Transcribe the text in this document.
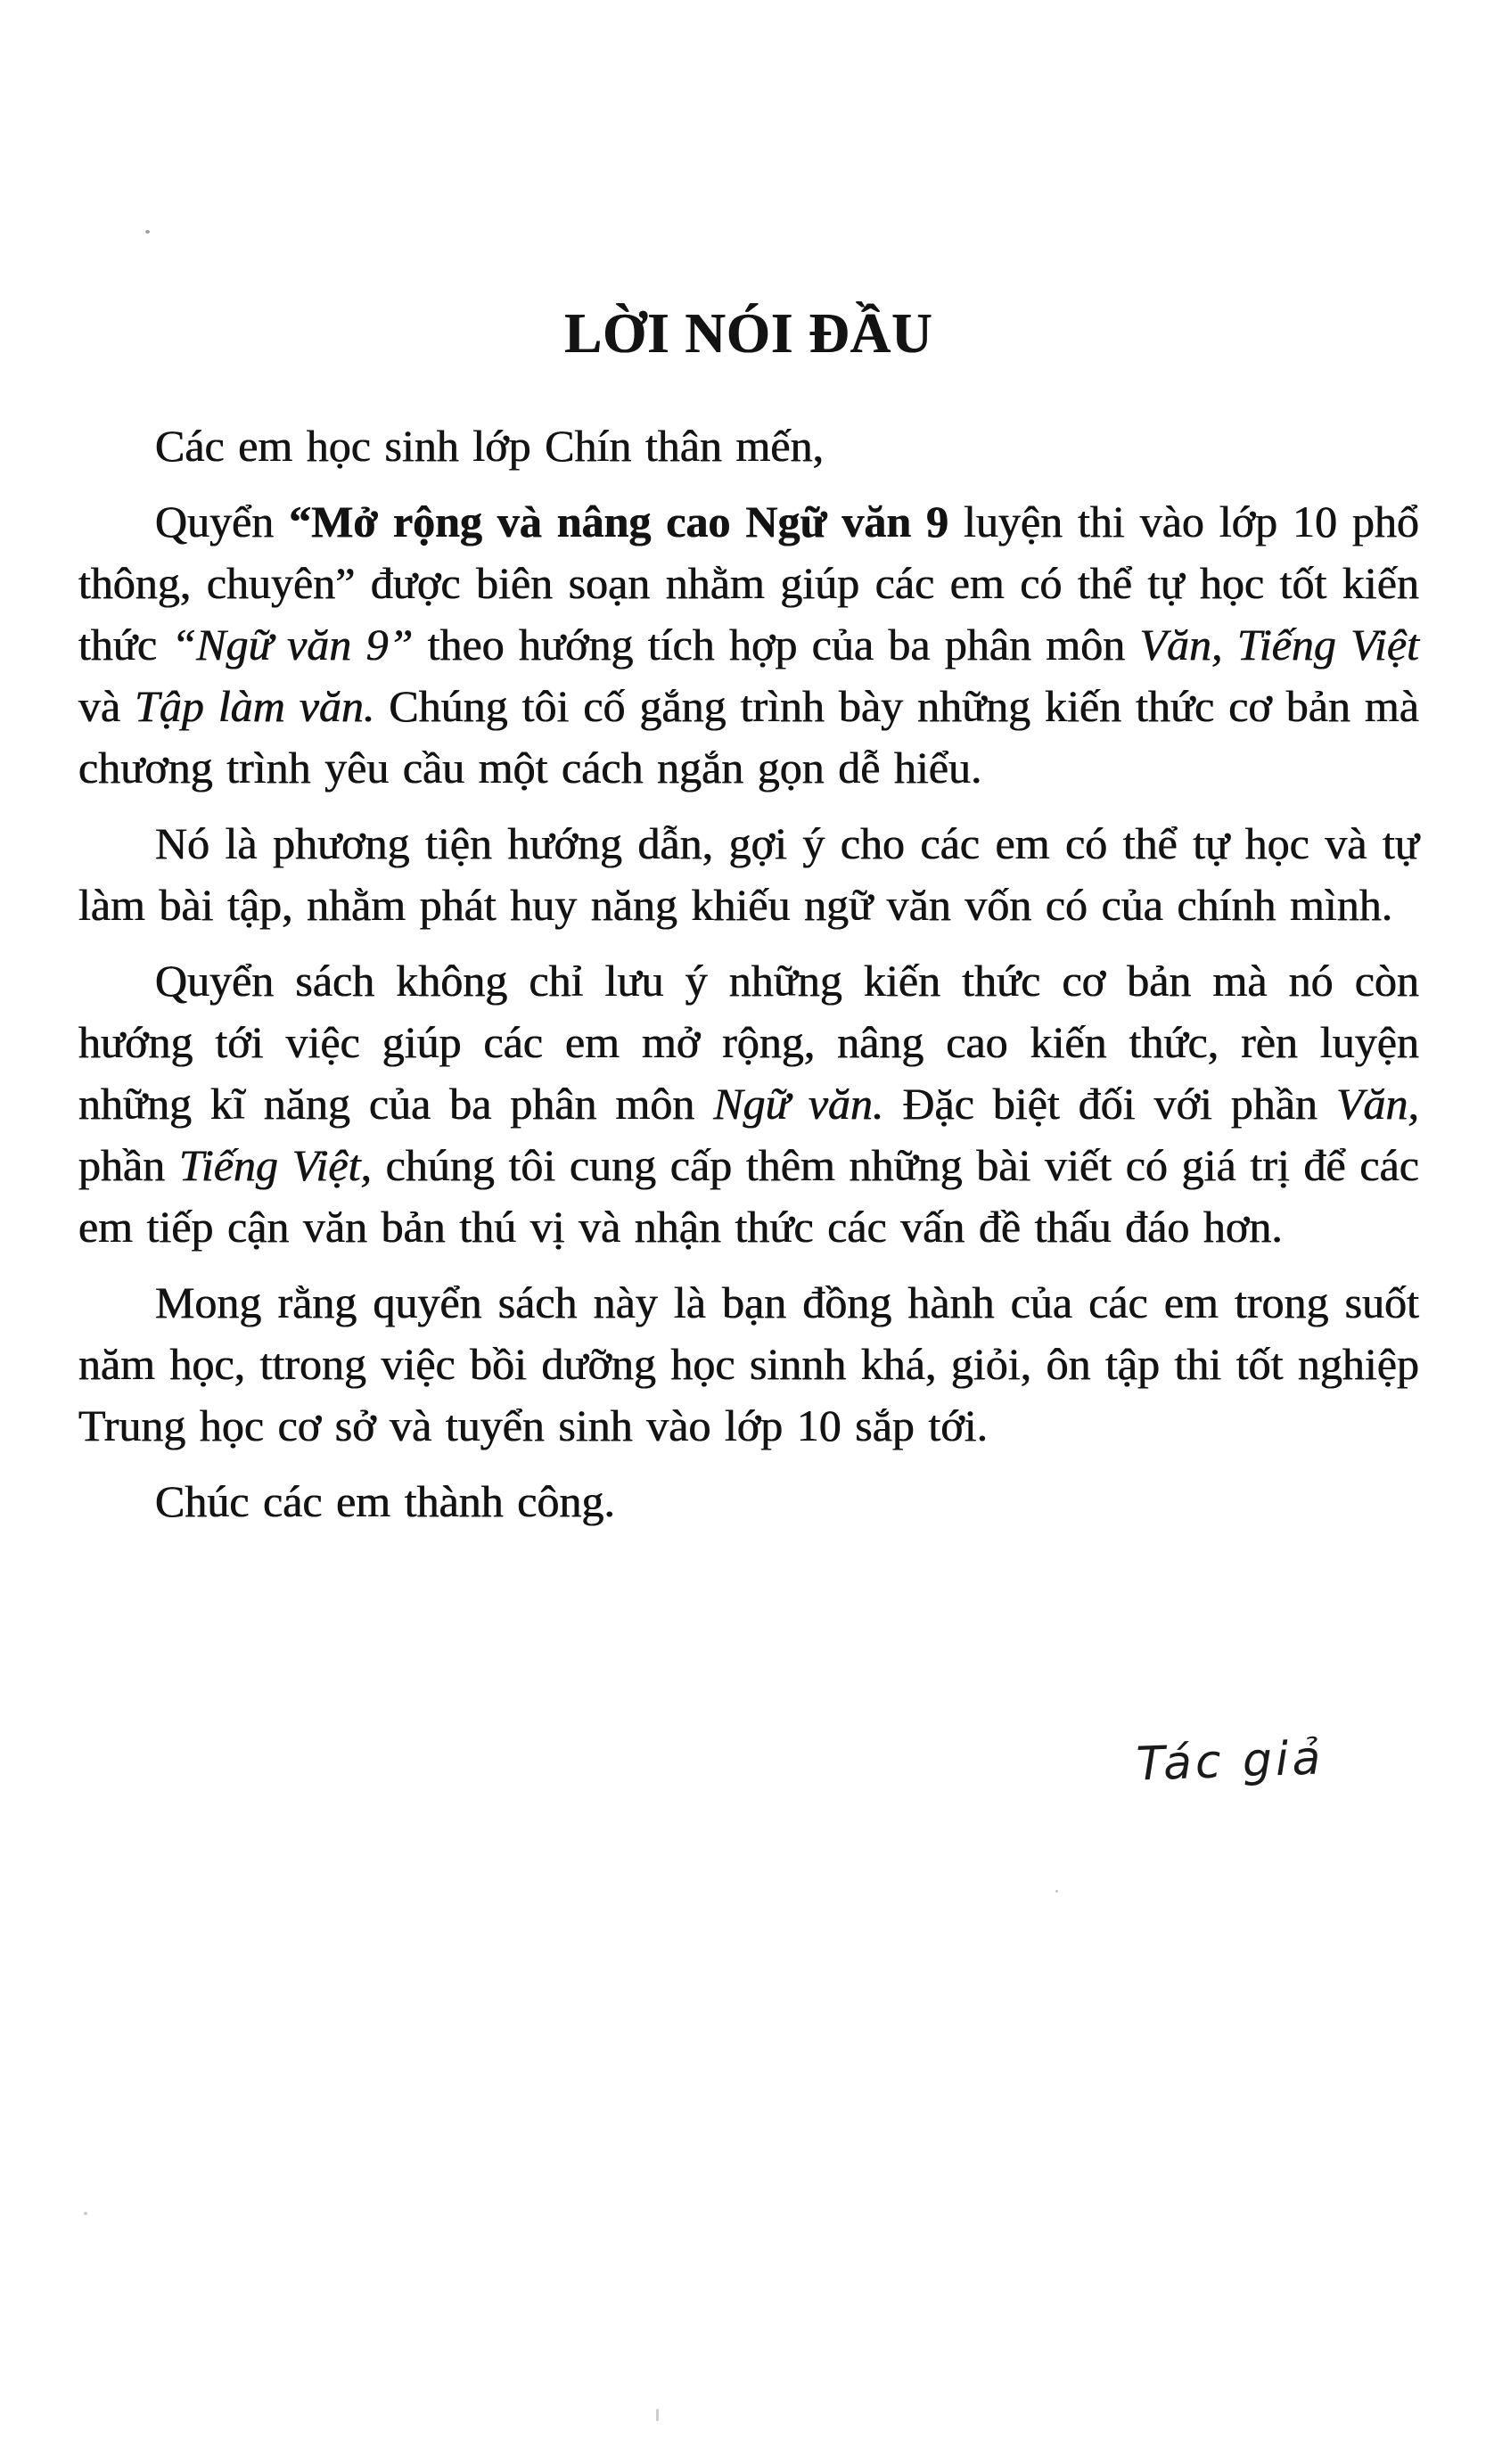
LỜI NÓI ĐẦU

Các em học sinh lớp Chín thân mến,

Quyển “Mở rộng và nâng cao Ngữ văn 9 luyện thi vào lớp 10 phổ thông, chuyên” được biên soạn nhằm giúp các em có thể tự học tốt kiến thức “Ngữ văn 9” theo hướng tích hợp của ba phân môn Văn, Tiếng Việt và Tập làm văn. Chúng tôi cố gắng trình bày những kiến thức cơ bản mà chương trình yêu cầu một cách ngắn gọn dễ hiểu.

Nó là phương tiện hướng dẫn, gợi ý cho các em có thể tự học và tự làm bài tập, nhằm phát huy năng khiếu ngữ văn vốn có của chính mình.

Quyển sách không chỉ lưu ý những kiến thức cơ bản mà nó còn hướng tới việc giúp các em mở rộng, nâng cao kiến thức, rèn luyện những kĩ năng của ba phân môn Ngữ văn. Đặc biệt đối với phần Văn, phần Tiếng Việt, chúng tôi cung cấp thêm những bài viết có giá trị để các em tiếp cận văn bản thú vị và nhận thức các vấn đề thấu đáo hơn.

Mong rằng quyển sách này là bạn đồng hành của các em trong suốt năm học, ttrong việc bồi dưỡng học sinnh khá, giỏi, ôn tập thi tốt nghiệp Trung học cơ sở và tuyển sinh vào lớp 10 sắp tới.

Chúc các em thành công.

Tác giả
